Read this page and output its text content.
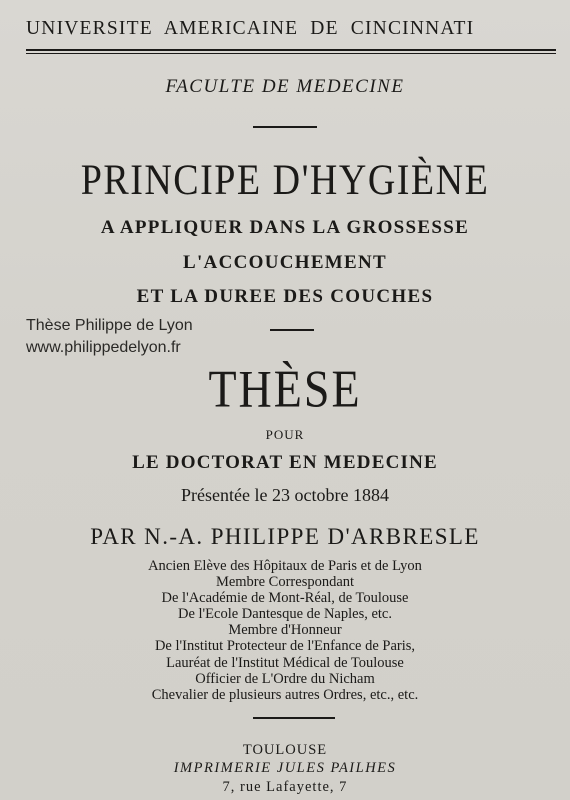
UNIVERSITE AMERICAINE DE CINCINNATI
FACULTE DE MEDECINE
PRINCIPE D'HYGIÈNE
A APPLIQUER DANS LA GROSSESSE
L'ACCOUCHEMENT
ET LA DUREE DES COUCHES
Thèse Philippe de Lyon
www.philippedelyon.fr
THÈSE
POUR
LE DOCTORAT EN MEDECINE
Présentée le 23 octobre 1884
PAR N.-A. PHILIPPE D'ARBRESLE
Ancien Elève des Hôpitaux de Paris et de Lyon
Membre Correspondant
De l'Académie de Mont-Réal, de Toulouse
De l'Ecole Dantesque de Naples, etc.
Membre d'Honneur
De l'Institut Protecteur de l'Enfance de Paris,
Lauréat de l'Institut Médical de Toulouse
Officier de L'Ordre du Nicham
Chevalier de plusieurs autres Ordres, etc., etc.
TOULOUSE
IMPRIMERIE JULES PAILHES
7, rue Lafayette, 7
